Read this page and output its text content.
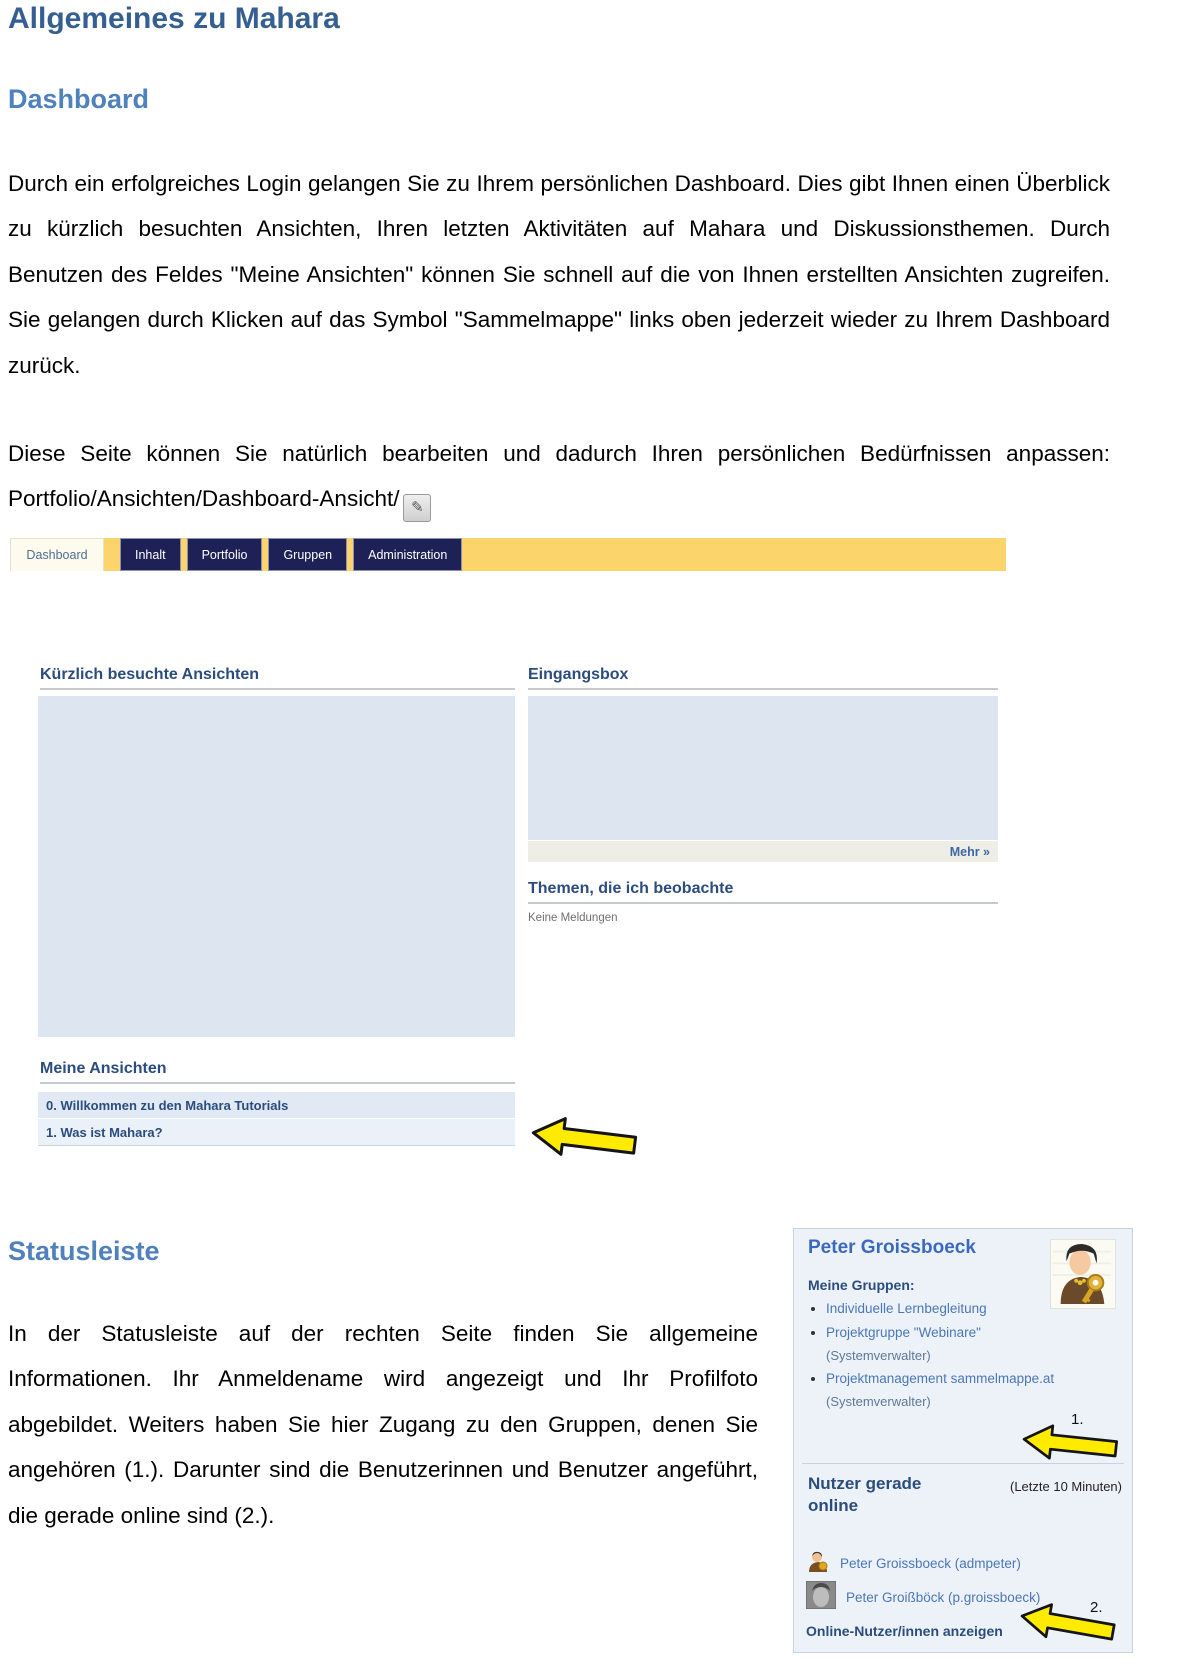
Allgemeines zu Mahara
Dashboard

Durch ein erfolgreiches Login gelangen Sie zu Ihrem persönlichen Dashboard. Dies gibt Ihnen einen Überblick zu kürzlich besuchten Ansichten, Ihren letzten Aktivitäten auf Mahara und Diskussionsthemen. Durch Benutzen des Feldes "Meine Ansichten" können Sie schnell auf die von Ihnen erstellten Ansichten zugreifen. Sie gelangen durch Klicken auf das Symbol "Sammelmappe" links oben jederzeit wieder zu Ihrem Dashboard zurück.

Diese Seite können Sie natürlich bearbeiten und dadurch Ihren persönlichen Bedürfnissen anpassen: Portfolio/Ansichten/Dashboard-Ansicht/ ✎

Dashboard	Inhalt	Portfolio	Gruppen	Administration
Kürzlich besuchte Ansichten	Eingangsbox
Mehr »
Themen, die ich beobachte
Keine Meldungen
Meine Ansichten
0. Willkommen zu den Mahara Tutorials
1. Was ist Mahara?
Statusleiste

In der Statusleiste auf der rechten Seite finden Sie allgemeine Informationen. Ihr Anmeldename wird angezeigt und Ihr Profilfoto abgebildet. Weiters haben Sie hier Zugang zu den Gruppen, denen Sie angehören (1.). Darunter sind die Benutzerinnen und Benutzer angeführt, die gerade online sind (2.).

Peter Groissboeck
Meine Gruppen:
• Individuelle Lernbegleitung
• Projektgruppe "Webinare"
(Systemverwalter)
• Projektmanagement sammelmappe.at
(Systemverwalter)
1.
Nutzer gerade online
(Letzte 10 Minuten)
Peter Groissboeck (admpeter)
Peter Groißböck (p.groissboeck)
2.
Online-Nutzer/innen anzeigen
